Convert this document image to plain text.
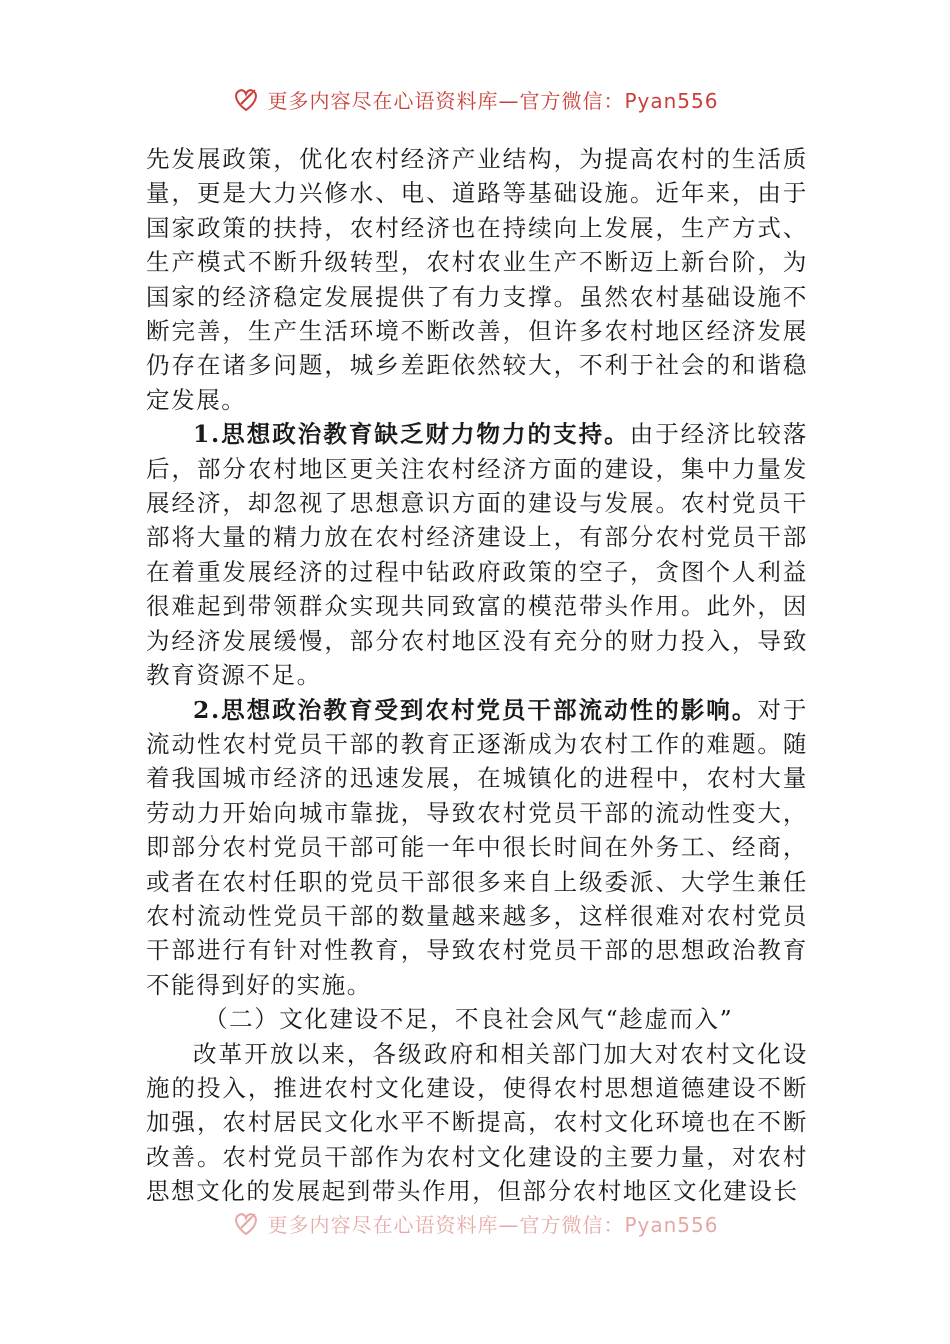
更多内容尽在心语资料库—官方微信：Pyan556

先发展政策，优化农村经济产业结构，为提高农村的生活质量，更是大力兴修水、电、道路等基础设施。近年来，由于国家政策的扶持，农村经济也在持续向上发展，生产方式、生产模式不断升级转型，农村农业生产不断迈上新台阶，为国家的经济稳定发展提供了有力支撑。虽然农村基础设施不断完善，生产生活环境不断改善，但许多农村地区经济发展仍存在诸多问题，城乡差距依然较大，不利于社会的和谐稳定发展。

1.思想政治教育缺乏财力物力的支持。由于经济比较落后，部分农村地区更关注农村经济方面的建设，集中力量发展经济，却忽视了思想意识方面的建设与发展。农村党员干部将大量的精力放在农村经济建设上，有部分农村党员干部在着重发展经济的过程中钻政府政策的空子，贪图个人利益很难起到带领群众实现共同致富的模范带头作用。此外，因为经济发展缓慢，部分农村地区没有充分的财力投入，导致教育资源不足。

2.思想政治教育受到农村党员干部流动性的影响。对于流动性农村党员干部的教育正逐渐成为农村工作的难题。随着我国城市经济的迅速发展，在城镇化的进程中，农村大量劳动力开始向城市靠拢，导致农村党员干部的流动性变大，即部分农村党员干部可能一年中很长时间在外务工、经商，或者在农村任职的党员干部很多来自上级委派、大学生兼任农村流动性党员干部的数量越来越多，这样很难对农村党员干部进行有针对性教育，导致农村党员干部的思想政治教育不能得到好的实施。

（二）文化建设不足，不良社会风气“趁虚而入”

改革开放以来，各级政府和相关部门加大对农村文化设施的投入，推进农村文化建设，使得农村思想道德建设不断加强，农村居民文化水平不断提高，农村文化环境也在不断改善。农村党员干部作为农村文化建设的主要力量，对农村思想文化的发展起到带头作用，但部分农村地区文化建设长

更多内容尽在心语资料库—官方微信：Pyan556
